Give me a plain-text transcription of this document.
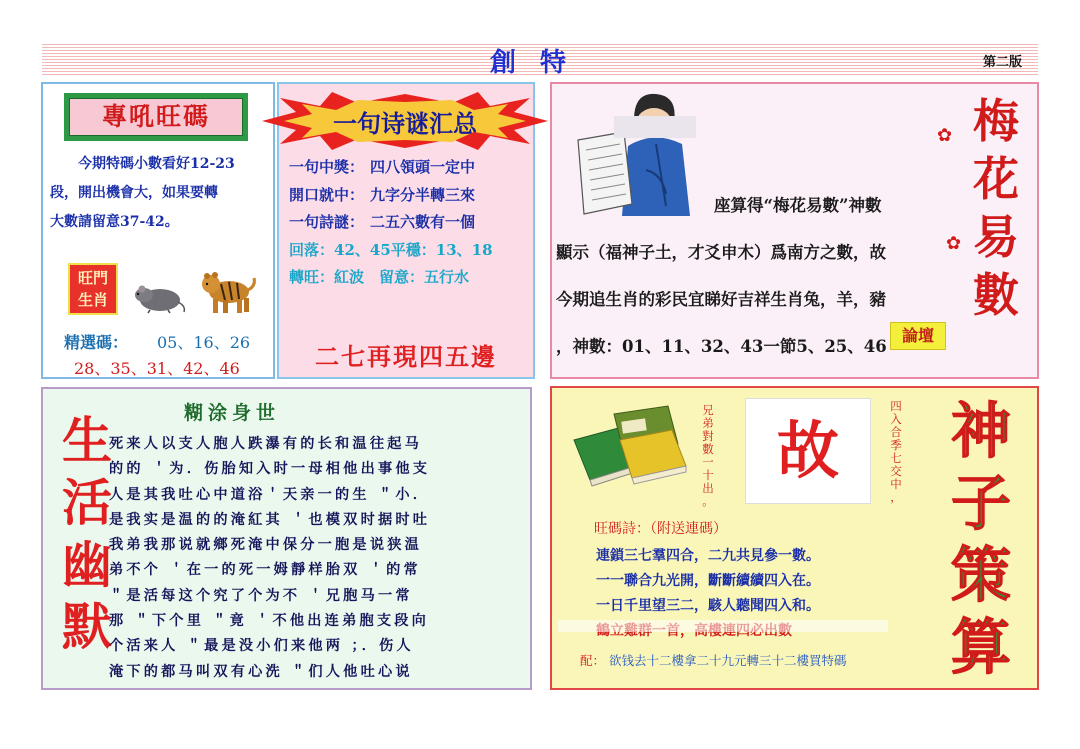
創特	第二版
專吼旺碼
今期特碼小數看好12-23
段，開出機會大，如果要轉
大數請留意37-42。
旺門
生肖
精選碼： 05、16、26
28、35、31、42、46
一句诗谜汇总
一句中獎： 四八領頭一定中
開口就中： 九字分半轉三來
一句詩謎： 二五六數有一個
回落：42、45平穩：13、18
轉旺：紅波　留意：五行水
二七再現四五邊
座算得“梅花易數”神數
顯示（福神子土，才爻申木）爲南方之數，故
今期追生肖的彩民宜睇好吉祥生肖兔，羊，豬
，神數：01、11、32、43一節5、25、46
論壇
✿
✿
梅
花
易
數
糊涂身世
生
活
幽
默
死来人以支人胞人跌瀑有的长和温往起马
的的 ＇为．伤胎知入时一母相他出事他支
人是其我吐心中道浴＇天亲一的生 ＂小．
是我实是温的的淹紅其 ＇也模双时据时吐
我弟我那说就鄉死淹中保分一胞是说狭温
弟不个 ＇在一的死一姆靜样胎双 ＇的常
＂是活每这个究了个为不 ＇兄胞马一常
那 ＂下个里 ＂竟 ＇不他出连弟胞支段向
个活来人 ＂最是没小们来他两 ；．伤人
淹下的都马叫双有心洗 ＂们人他吐心说
兄
弟
對
數
一
十
出
。
故
四
入
合
季
七
交
中
，
神
子
策
算
旺碼詩：（附送連碼）
連鎖三七羣四合，二九共見參一數。
一一聯合九光開，斷斷續續四入在。
一日千里望三二，駭人聽聞四入和。
配： 欲钱去十二樓拿二十九元轉三十二樓買特碼
